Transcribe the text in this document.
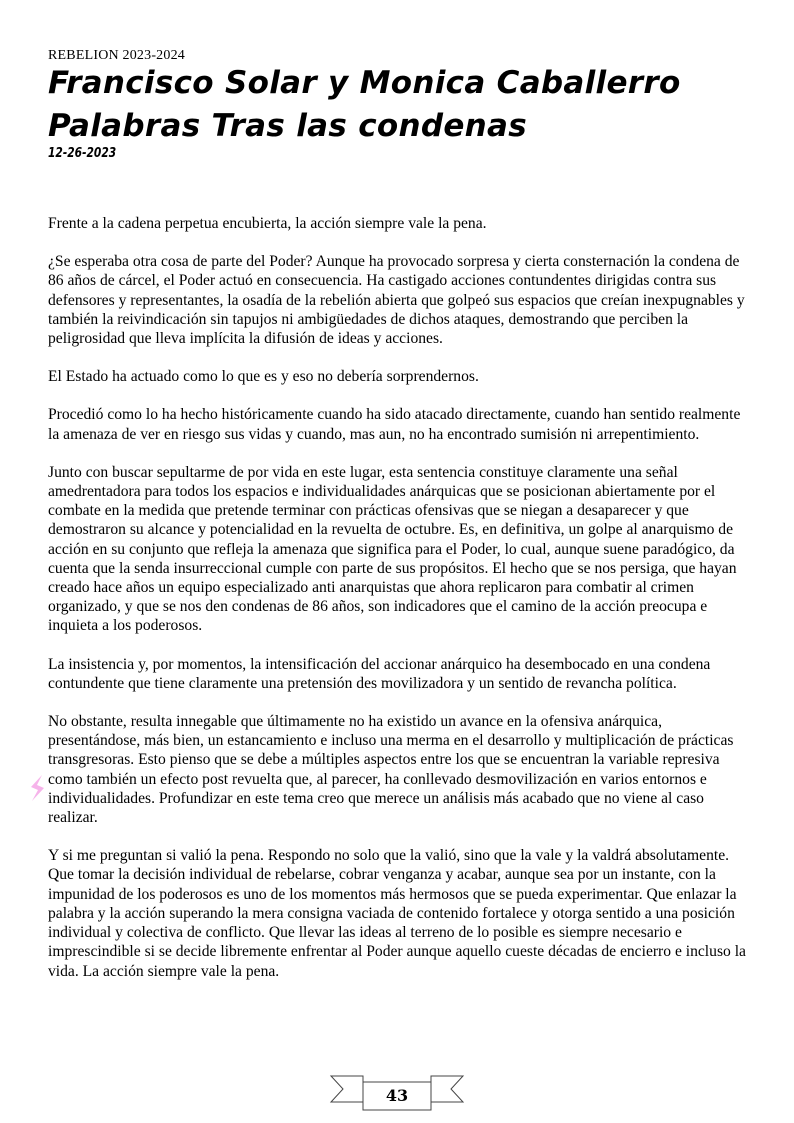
REBELION 2023-2024
Francisco Solar y Monica Caballerro
Palabras Tras las condenas
12-26-2023

Frente a la cadena perpetua encubierta, la acción siempre vale la pena.

¿Se esperaba otra cosa de parte del Poder? Aunque ha provocado sorpresa y cierta consternación la condena de 86 años de cárcel, el Poder actuó en consecuencia. Ha castigado acciones contundentes dirigidas contra sus defensores y representantes, la osadía de la rebelión abierta que golpeó sus espacios que creían inexpugnables y también la reivindicación sin tapujos ni ambigüedades de dichos ataques, demostrando que perciben la peligrosidad que lleva implícita la difusión de ideas y acciones.

El Estado ha actuado como lo que es y eso no debería sorprendernos.

Procedió como lo ha hecho históricamente cuando ha sido atacado directamente, cuando han sentido realmente la amenaza de ver en riesgo sus vidas y cuando, mas aun, no ha encontrado sumisión ni arrepentimiento.

Junto con buscar sepultarme de por vida en este lugar, esta sentencia constituye claramente una señal amedrentadora para todos los espacios e individualidades anárquicas que se posicionan abiertamente por el combate en la medida que pretende terminar con prácticas ofensivas que se niegan a desaparecer y que demostraron su alcance y potencialidad en la revuelta de octubre. Es, en definitiva, un golpe al anarquismo de acción en su conjunto que refleja la amenaza que significa para el Poder, lo cual, aunque suene paradógico, da cuenta que la senda insurreccional cumple con parte de sus propósitos. El hecho que se nos persiga, que hayan creado hace años un equipo especializado anti anarquistas que ahora replicaron para combatir al crimen organizado, y que se nos den condenas de 86 años, son indicadores que el camino de la acción preocupa e inquieta a los poderosos.

La insistencia y, por momentos, la intensificación del accionar anárquico ha desembocado en una condena contundente que tiene claramente una pretensión des movilizadora y un sentido de revancha política.

No obstante, resulta innegable que últimamente no ha existido un avance en la ofensiva anárquica, presentándose, más bien, un estancamiento e incluso una merma en el desarrollo y multiplicación de prácticas transgresoras. Esto pienso que se debe a múltiples aspectos entre los que se encuentran la variable represiva como también un efecto post revuelta que, al parecer, ha conllevado desmovilización en varios entornos e individualidades. Profundizar en este tema creo que merece un análisis más acabado que no viene al caso realizar.

Y si me preguntan si valió la pena. Respondo no solo que la valió, sino que la vale y la valdrá absolutamente. Que tomar la decisión individual de rebelarse, cobrar venganza y acabar, aunque sea por un instante, con la impunidad de los poderosos es uno de los momentos más hermosos que se pueda experimentar. Que enlazar la palabra y la acción superando la mera consigna vaciada de contenido fortalece y otorga sentido a una posición individual y colectiva de conflicto. Que llevar las ideas al terreno de lo posible es siempre necesario e imprescindible si se decide libremente enfrentar al Poder aunque aquello cueste décadas de encierro e incluso la vida. La acción siempre vale la pena.

43
